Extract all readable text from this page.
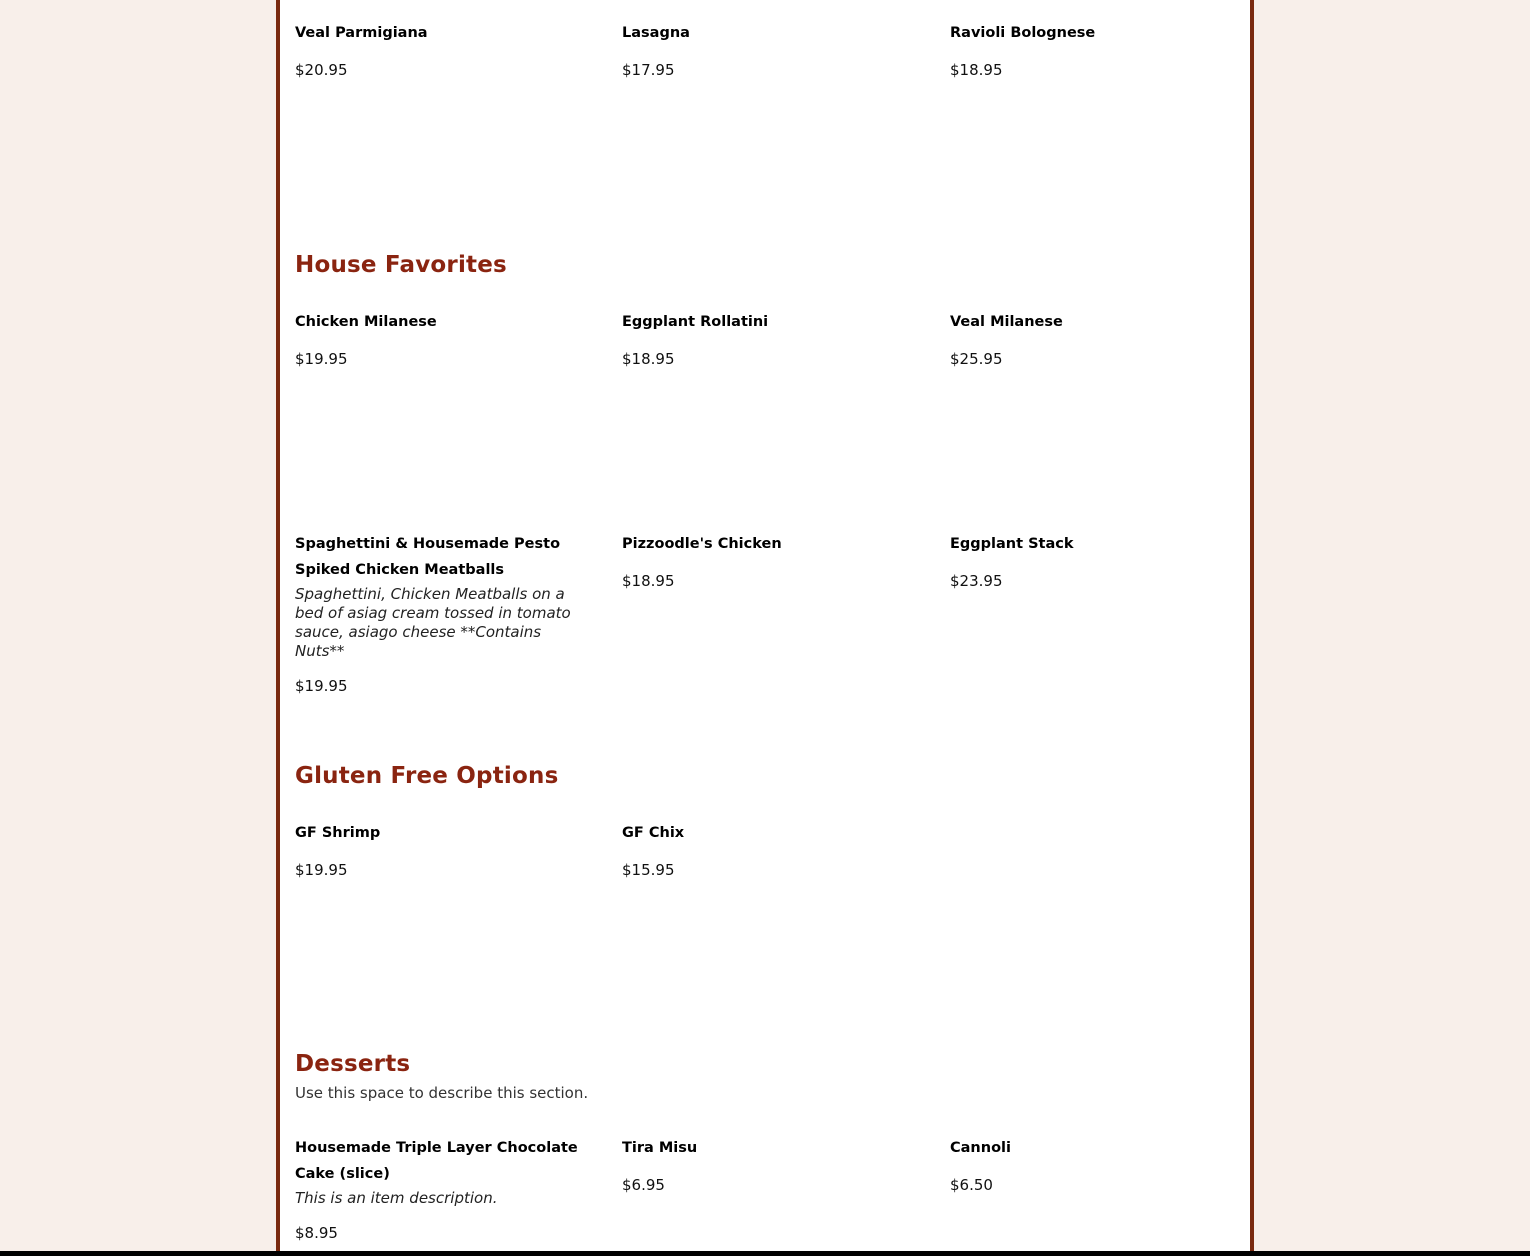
Veal Parmigiana
$20.95
Lasagna
$17.95
Ravioli Bolognese
$18.95
House Favorites
Chicken Milanese
$19.95
Eggplant Rollatini
$18.95
Veal Milanese
$25.95
Spaghettini & Housemade Pesto Spiked Chicken Meatballs
Spaghettini, Chicken Meatballs on a bed of asiag cream tossed in tomato sauce, asiago cheese **Contains Nuts**
$19.95
Pizzoodle's Chicken
$18.95
Eggplant Stack
$23.95
Gluten Free Options
GF Shrimp
$19.95
GF Chix
$15.95
Desserts
Use this space to describe this section.
Housemade Triple Layer Chocolate Cake (slice)
This is an item description.
$8.95
Tira Misu
$6.95
Cannoli
$6.50
